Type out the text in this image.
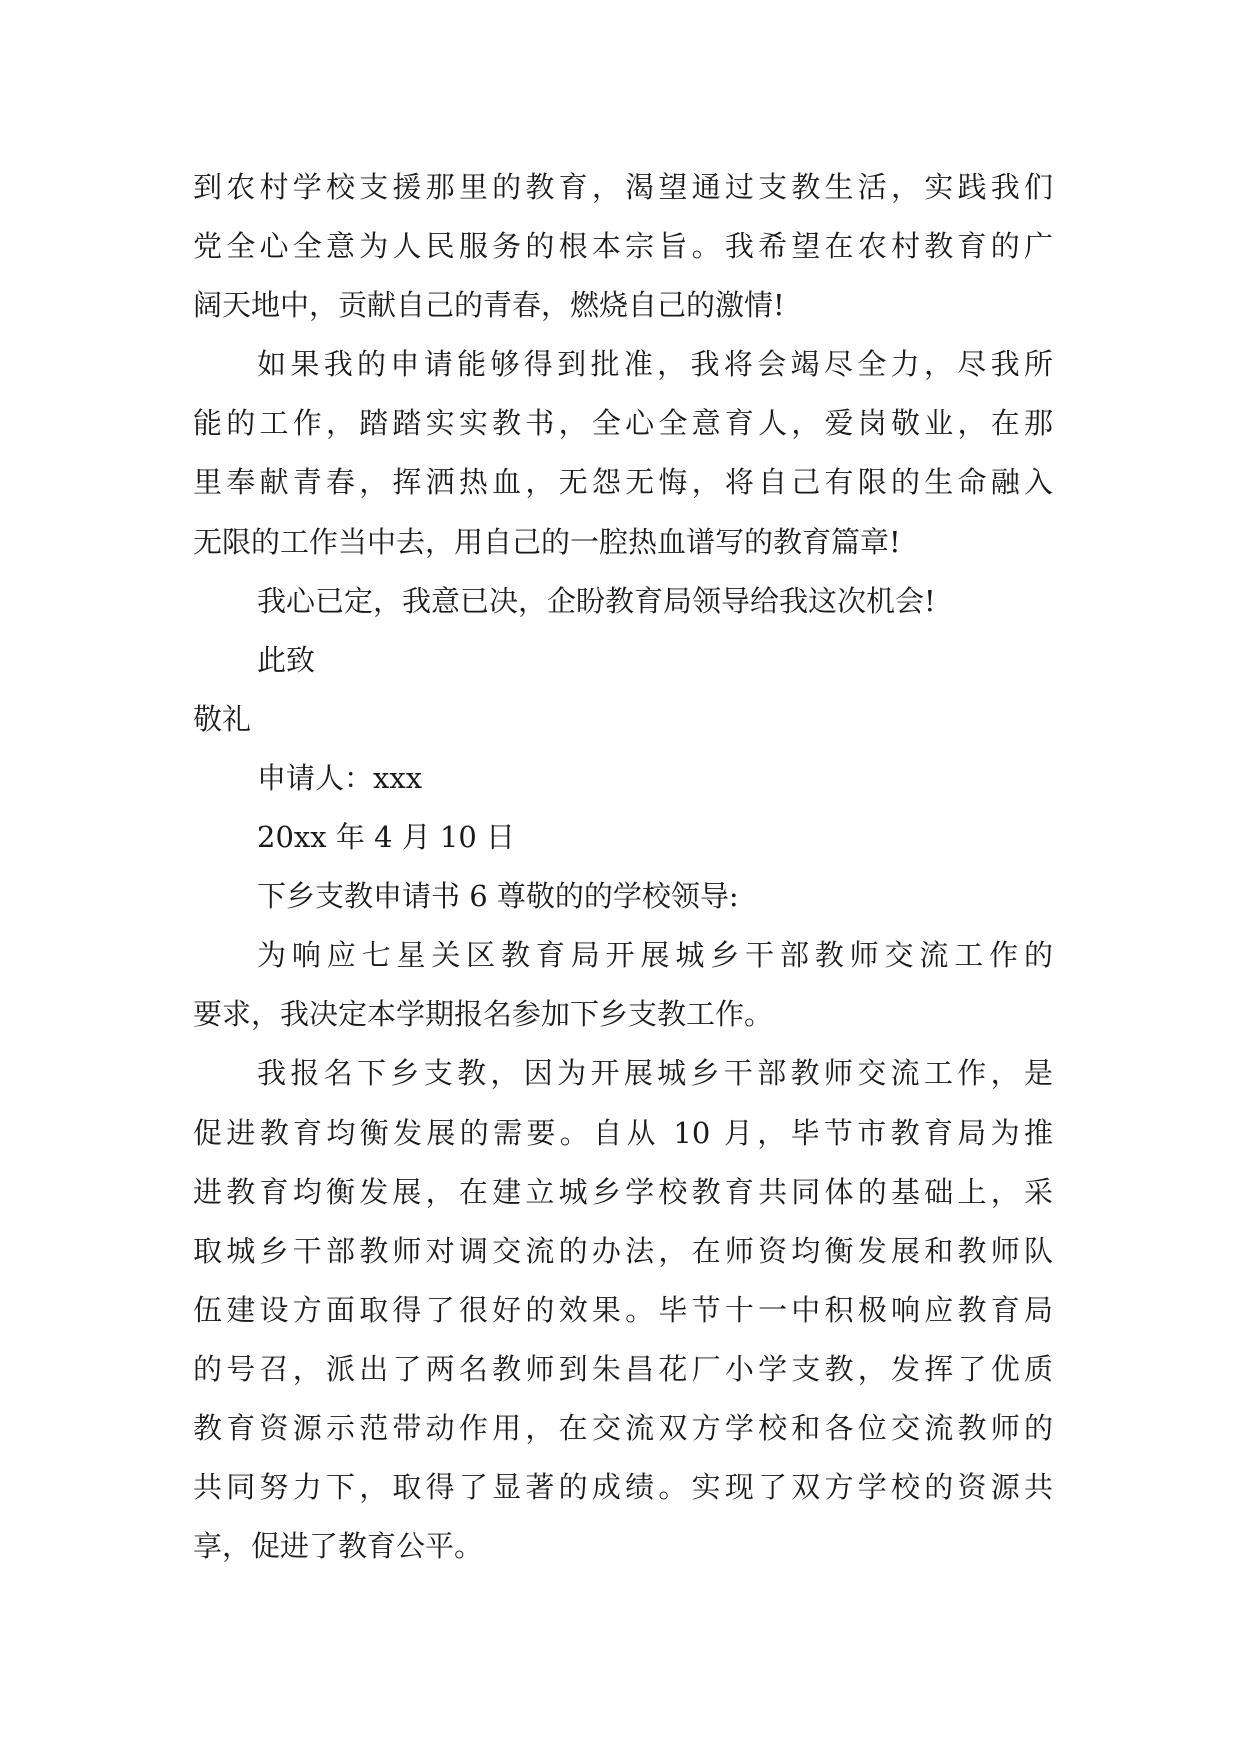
到农村学校支援那里的教育，渴望通过支教生活，实践我们
党全心全意为人民服务的根本宗旨。我希望在农村教育的广
阔天地中，贡献自己的青春，燃烧自己的激情!
如果我的申请能够得到批准，我将会竭尽全力，尽我所
能的工作，踏踏实实教书，全心全意育人，爱岗敬业，在那
里奉献青春，挥洒热血，无怨无悔，将自己有限的生命融入
无限的工作当中去，用自己的一腔热血谱写的教育篇章!
我心已定，我意已决，企盼教育局领导给我这次机会!
此致
敬礼
申请人：xxx
20xx 年 4 月 10 日
下乡支教申请书 6 尊敬的的学校领导:
为响应七星关区教育局开展城乡干部教师交流工作的
要求，我决定本学期报名参加下乡支教工作。
我报名下乡支教，因为开展城乡干部教师交流工作，是
促进教育均衡发展的需要。自从 10 月，毕节市教育局为推
进教育均衡发展，在建立城乡学校教育共同体的基础上，采
取城乡干部教师对调交流的办法，在师资均衡发展和教师队
伍建设方面取得了很好的效果。毕节十一中积极响应教育局
的号召，派出了两名教师到朱昌花厂小学支教，发挥了优质
教育资源示范带动作用，在交流双方学校和各位交流教师的
共同努力下，取得了显著的成绩。实现了双方学校的资源共
享，促进了教育公平。
